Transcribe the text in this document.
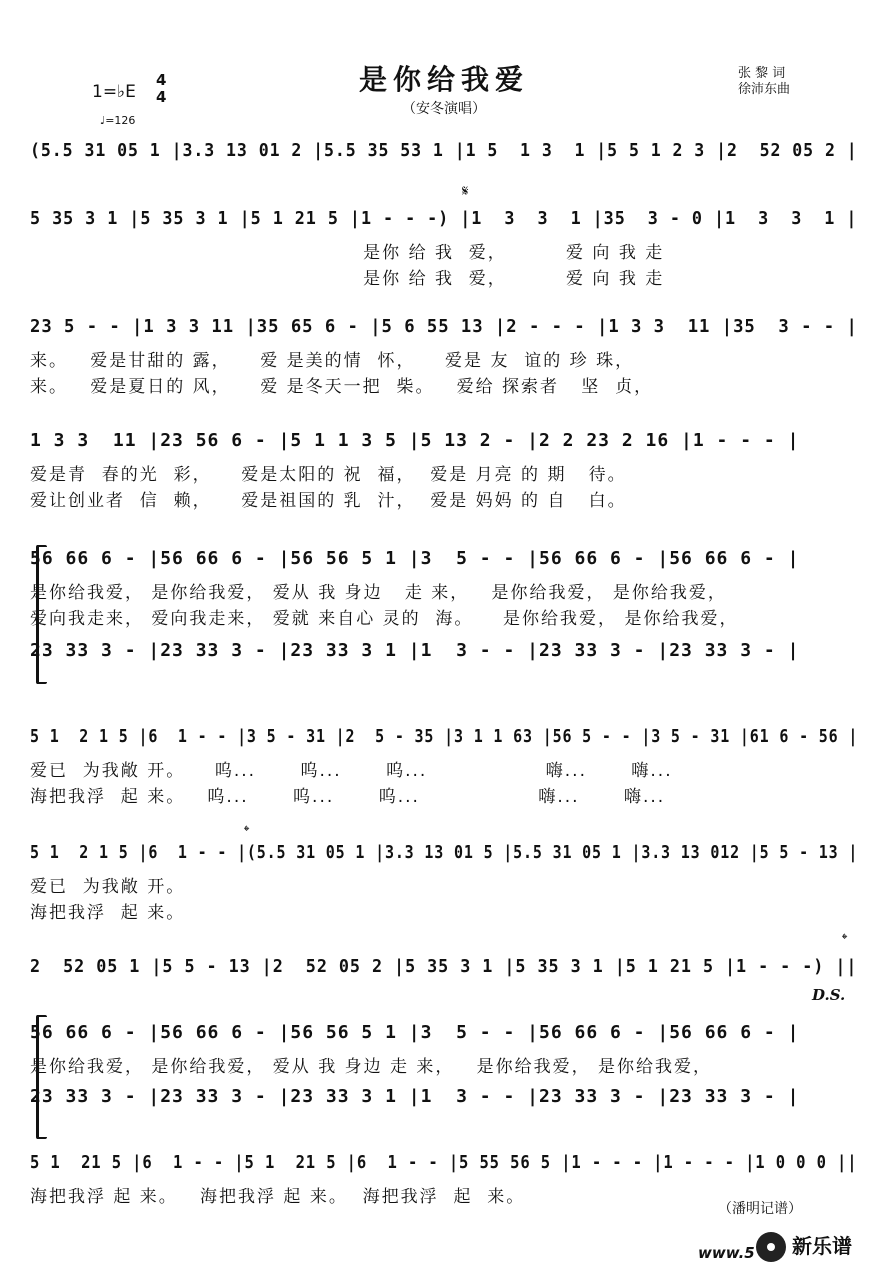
是你给我爱
（安冬演唱）
1=♭E
4
4
♩=126
张 黎 词
徐沛东曲
(5.5 31 05 1 |3.3 13 01 2 |5.5 35 53 1 |1 5  1 3  1 |5 5 1 2 3 |2  52 05 2 |
5 35 3 1 |5 35 3 1 |5 1 21 5 |1 - - -) |1  3  3  1 |35  3 - 0 |1  3  3  1 |
是你 给 我  爱，        爱 向 我 走
是你 给 我  爱，        爱 向 我 走
23 5 - - |1 3 3 11 |35 65 6 - |5 6 55 13 |2 - - - |1 3 3  11 |35  3 - - |
来。   爱是甘甜的 露，    爱 是美的情  怀，    爱是 友  谊的 珍 珠，
来。   爱是夏日的 风，    爱 是冬天一把  柴。   爱给 探索者   坚  贞，
1 3 3  11 |23 56 6 - |5 1 1 3 5 |5 13 2 - |2 2 23 2 16 |1 - - - |
爱是青  春的光  彩，    爱是太阳的 祝  福，  爱是 月亮 的 期   待。
爱让创业者  信  赖，    爱是祖国的 乳  汁，  爱是 妈妈 的 自   白。
56 66 6 - |56 66 6 - |56 56 5 1 |3  5 - - |56 66 6 - |56 66 6 - |
是你给我爱， 是你给我爱， 爱从 我 身边   走 来，   是你给我爱， 是你给我爱，
爱向我走来， 爱向我走来， 爱就 来自心 灵的  海。    是你给我爱， 是你给我爱，
23 33 3 - |23 33 3 - |23 33 3 1 |1  3 - - |23 33 3 - |23 33 3 - |
5 1  2 1 5 |6  1 - - |3 5 - 31 |2  5 - 35 |3 1 1 63 |56 5 - - |3 5 - 31 |61 6 - 56 |
爱已  为我敞 开。    呜...      呜...      呜...                嗨...      嗨...
海把我浮  起 来。   呜...      呜...      呜...                嗨...      嗨...
5 1  2 1 5 |6  1 - - |(5.5 31 05 1 |3.3 13 01 5 |5.5 31 05 1 |3.3 13 012 |5 5 - 13 |
爱已  为我敞 开。
海把我浮  起 来。
2  52 05 1 |5 5 - 13 |2  52 05 2 |5 35 3 1 |5 35 3 1 |5 1 21 5 |1 - - -) ||
56 66 6 - |56 66 6 - |56 56 5 1 |3  5 - - |56 66 6 - |56 66 6 - |
是你给我爱， 是你给我爱， 爱从 我 身边 走 来，   是你给我爱， 是你给我爱，
23 33 3 - |23 33 3 - |23 33 3 1 |1  3 - - |23 33 3 - |23 33 3 - |
5 1  21 5 |6  1 - - |5 1  21 5 |6  1 - - |5 55 56 5 |1 - - - |1 - - - |1 0 0 0 ||
海把我浮 起 来。   海把我浮 起 来。  海把我浮  起  来。
𝄋
𝄌
𝄌
D.S.
（潘明记谱）
www.5 新乐谱
